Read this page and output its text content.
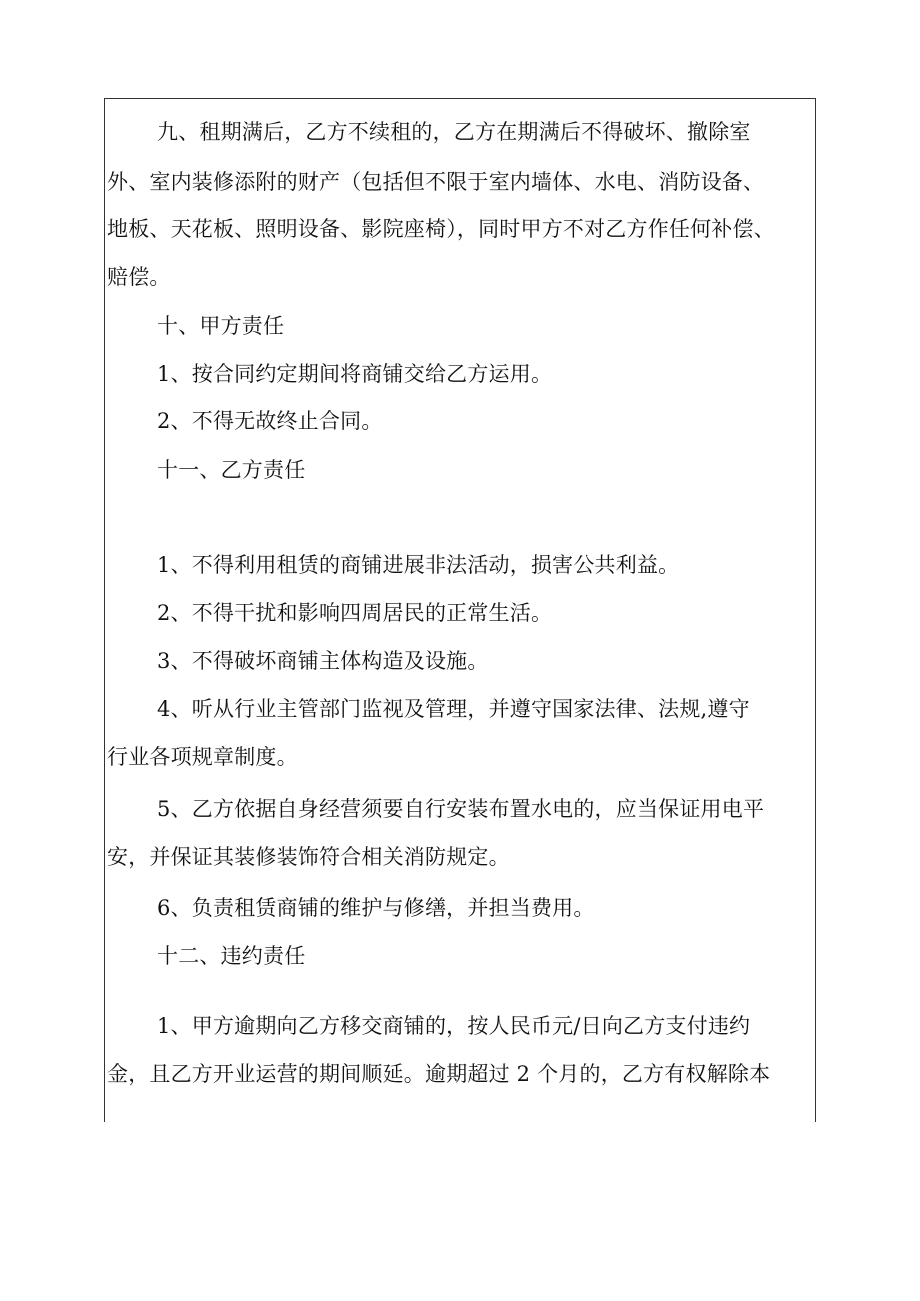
九、租期满后，乙方不续租的，乙方在期满后不得破坏、撤除室
外、室内装修添附的财产（包括但不限于室内墙体、水电、消防设备、
地板、天花板、照明设备、影院座椅），同时甲方不对乙方作任何补偿、
赔偿。
十、甲方责任
1、按合同约定期间将商铺交给乙方运用。
2、不得无故终止合同。
十一、乙方责任
1、不得利用租赁的商铺进展非法活动，损害公共利益。
2、不得干扰和影响四周居民的正常生活。
3、不得破坏商铺主体构造及设施。
4、听从行业主管部门监视及管理，并遵守国家法律、法规,遵守
行业各项规章制度。
5、乙方依据自身经营须要自行安装布置水电的，应当保证用电平
安，并保证其装修装饰符合相关消防规定。
6、负责租赁商铺的维护与修缮，并担当费用。
十二、违约责任
1、甲方逾期向乙方移交商铺的，按人民币元/日向乙方支付违约
金，且乙方开业运营的期间顺延。逾期超过 2 个月的，乙方有权解除本
